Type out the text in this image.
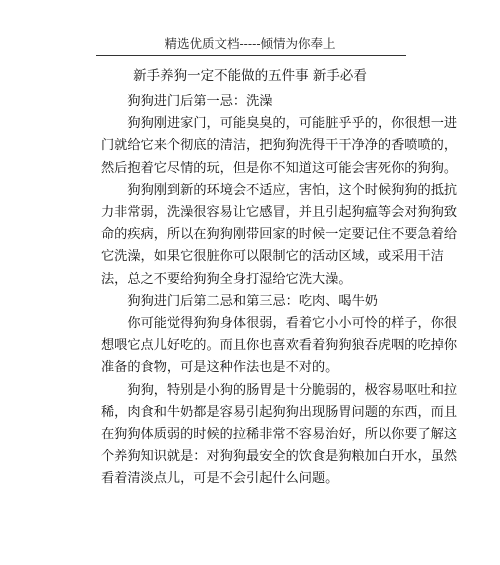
精选优质文档-----倾情为你奉上
新手养狗一定不能做的五件事 新手必看
狗狗进门后第一忌：洗澡
狗狗刚进家门，可能臭臭的，可能脏乎乎的，你很想一进
门就给它来个彻底的清洁，把狗狗洗得干干净净的香喷喷的，
然后抱着它尽情的玩，但是你不知道这可能会害死你的狗狗。
狗狗刚到新的环境会不适应，害怕，这个时候狗狗的抵抗
力非常弱，洗澡很容易让它感冒，并且引起狗瘟等会对狗狗致
命的疾病，所以在狗狗刚带回家的时候一定要记住不要急着给
它洗澡，如果它很脏你可以限制它的活动区域，或采用干洁
法，总之不要给狗狗全身打湿给它洗大澡。
狗狗进门后第二忌和第三忌：吃肉、喝牛奶
你可能觉得狗狗身体很弱，看着它小小可怜的样子，你很
想喂它点儿好吃的。而且你也喜欢看着狗狗狼吞虎咽的吃掉你
准备的食物，可是这种作法也是不对的。
狗狗，特别是小狗的肠胃是十分脆弱的，极容易呕吐和拉
稀，肉食和牛奶都是容易引起狗狗出现肠胃问题的东西，而且
在狗狗体质弱的时候的拉稀非常不容易治好，所以你要了解这
个养狗知识就是：对狗狗最安全的饮食是狗粮加白开水，虽然
看着清淡点儿，可是不会引起什么问题。
